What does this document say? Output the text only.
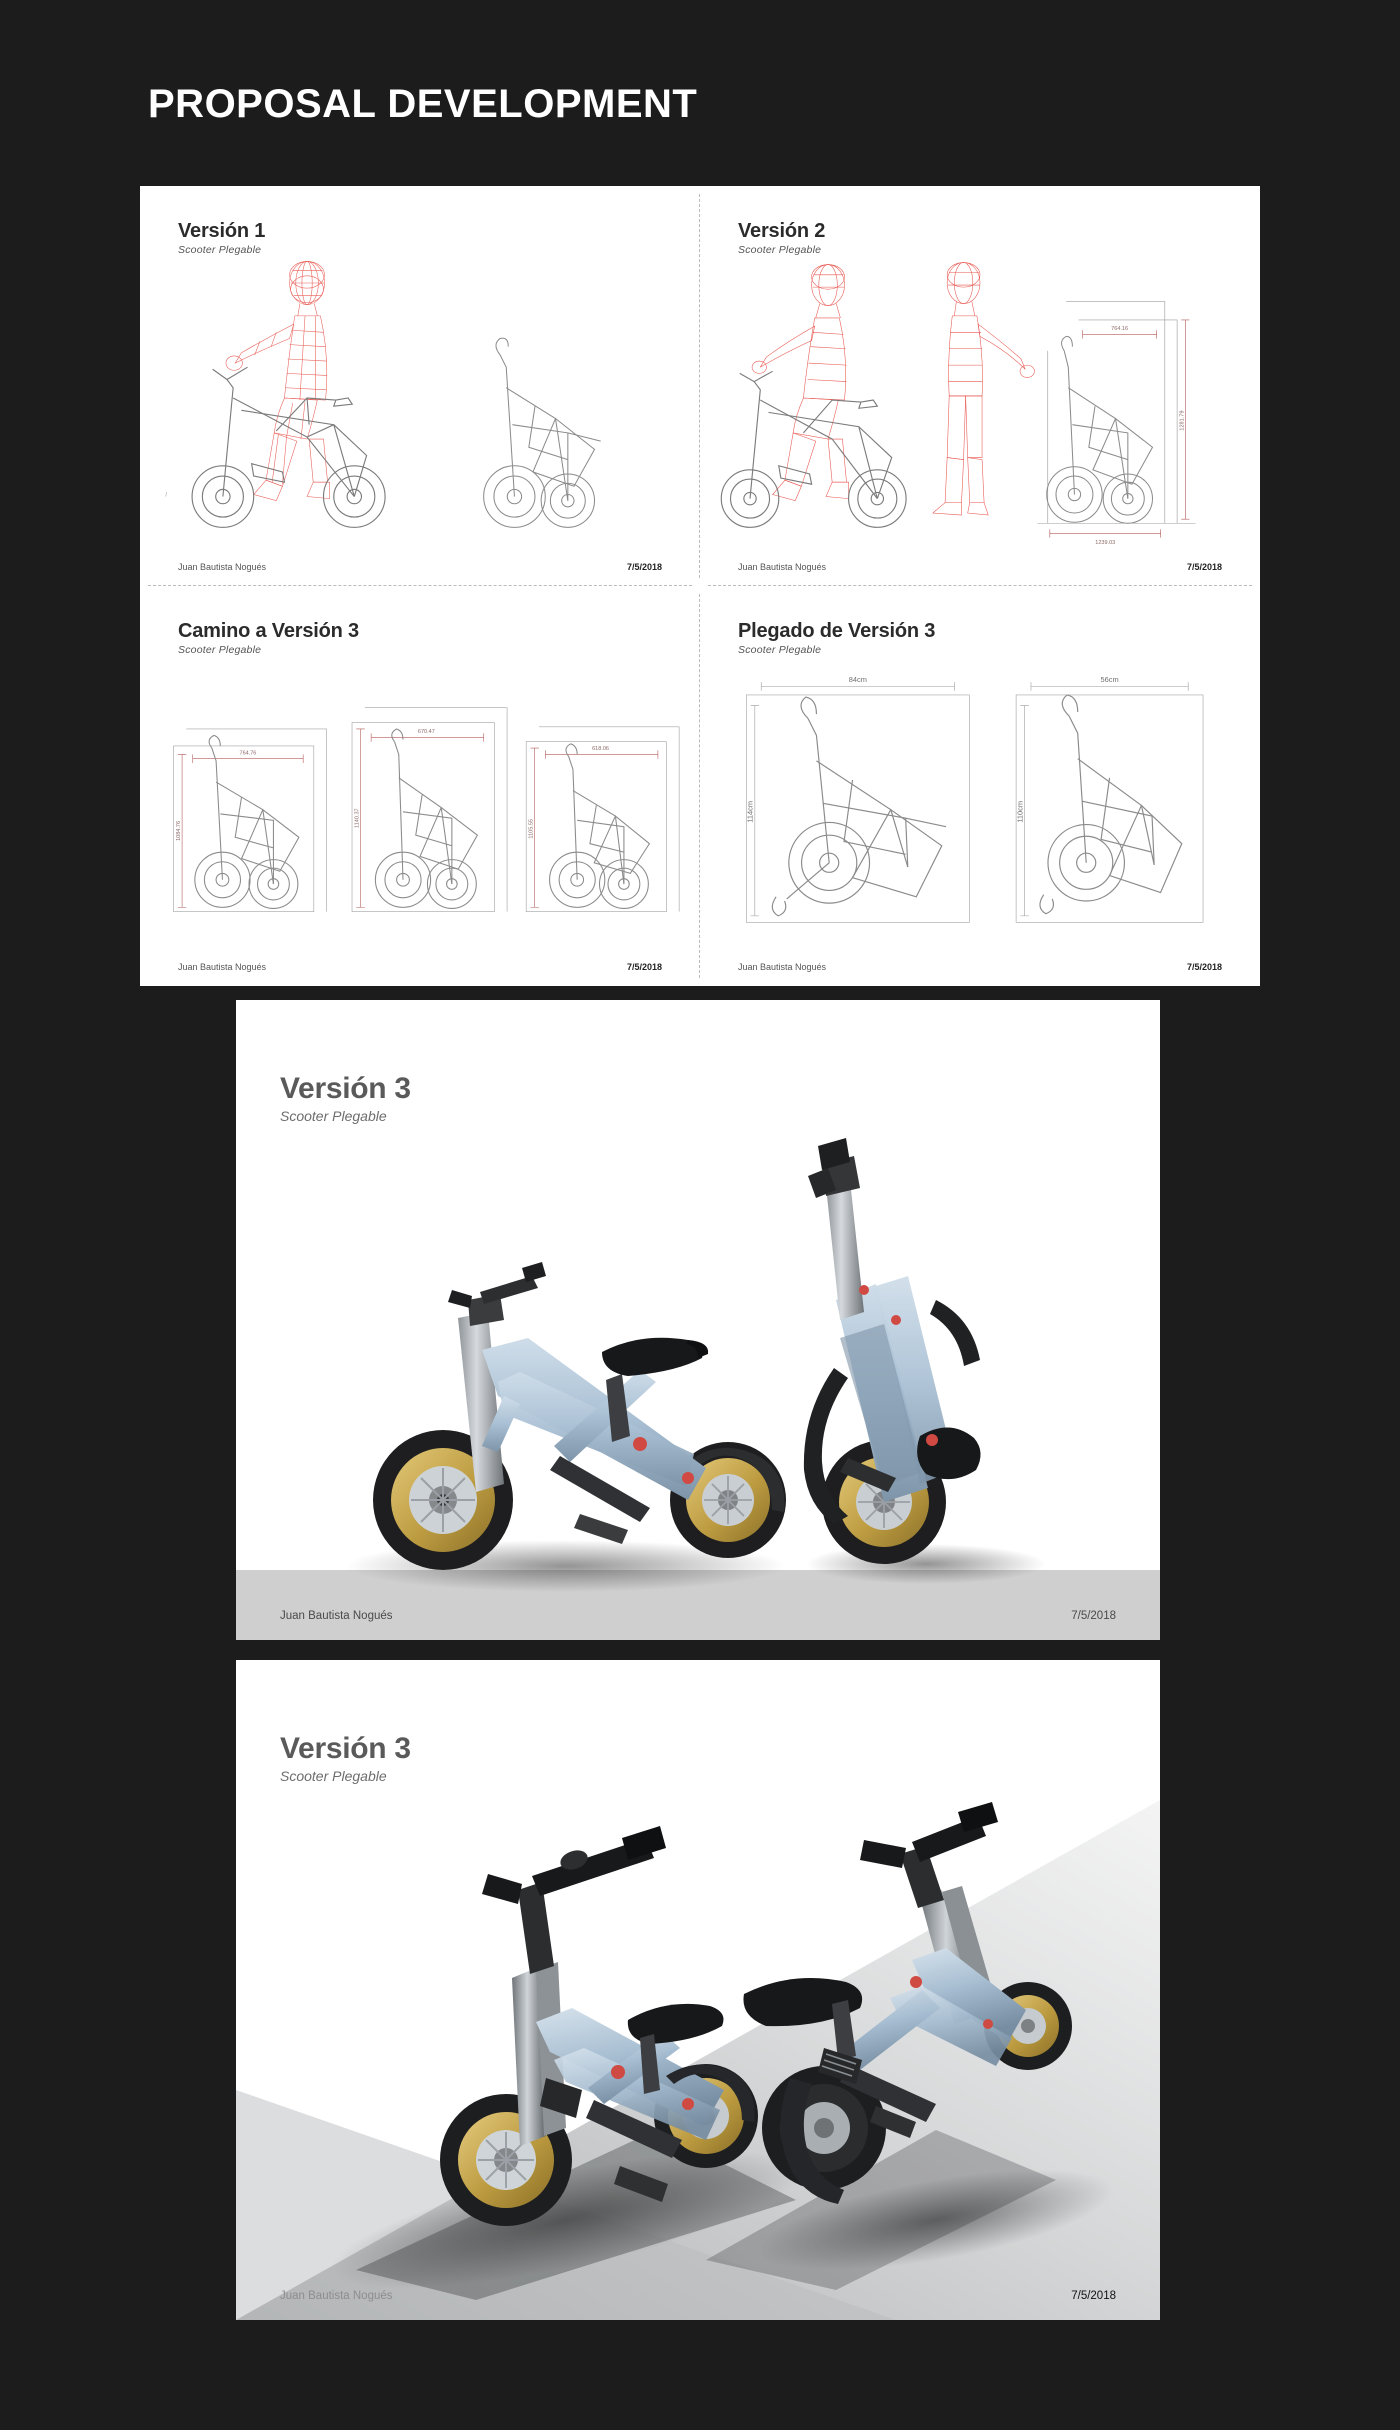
PROPOSAL DEVELOPMENT
Versión 1
Scooter Plegable
/
Juan Bautista Nogués	7/5/2018
Versión 2
Scooter Plegable
764.16
1281.79
1239.03
Juan Bautista Nogués	7/5/2018
Camino a Versión 3
Scooter Plegable
764.76
1084.76
670.47
1140.37
618.06
1105.55
Juan Bautista Nogués	7/5/2018
Plegado de Versión 3
Scooter Plegable
84cm
114cm
56cm
110cm
Juan Bautista Nogués	7/5/2018
Versión 3
Scooter Plegable
Juan Bautista Nogués	7/5/2018
Versión 3
Scooter Plegable
Juan Bautista Nogués	7/5/2018
